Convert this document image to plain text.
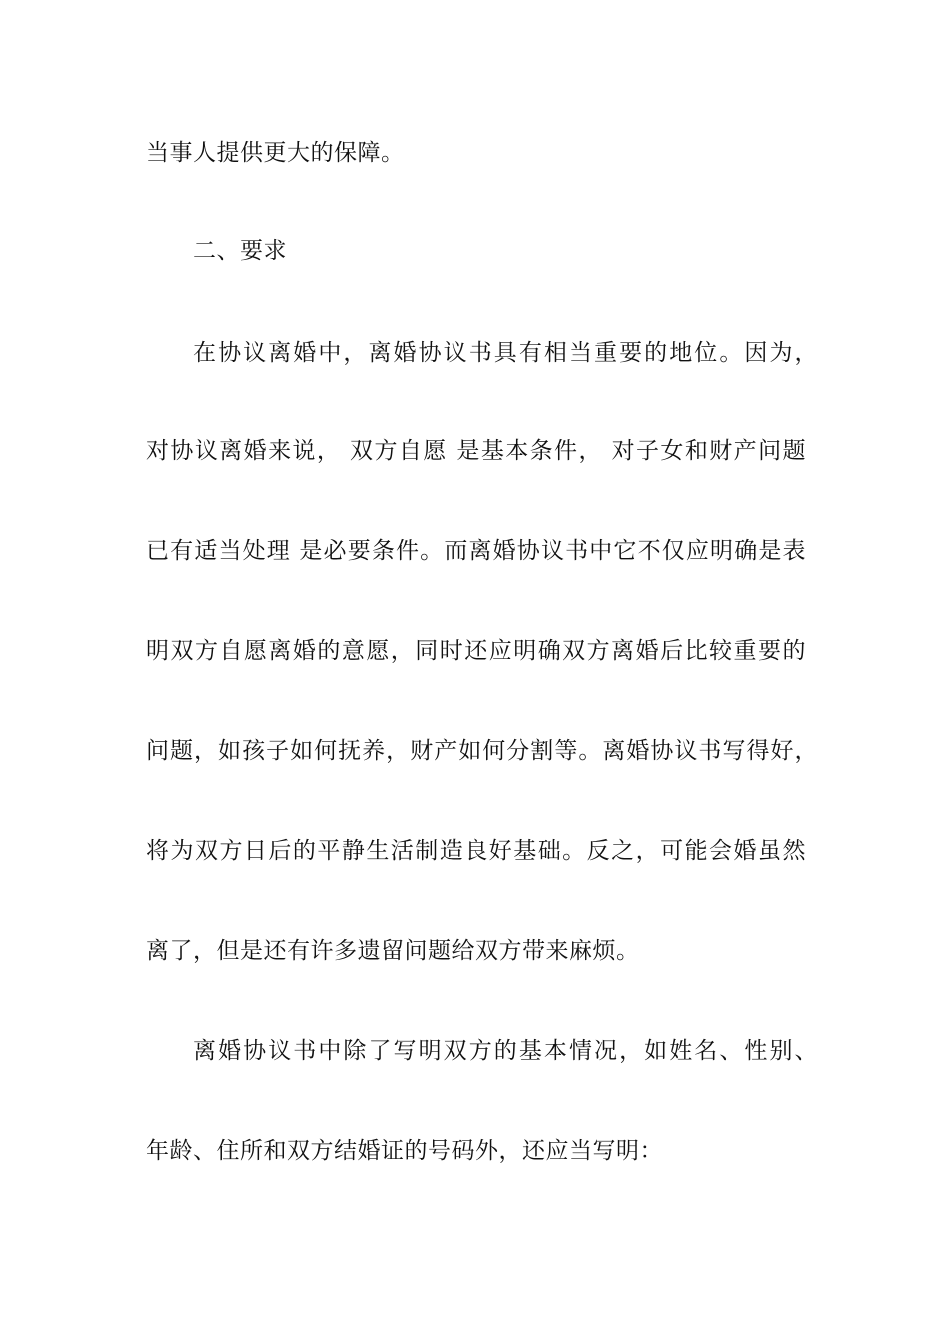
当事人提供更大的保障。
二、要求
在协议离婚中，离婚协议书具有相当重要的地位。因为，
对协议离婚来说， 双方自愿 是基本条件， 对子女和财产问题
已有适当处理 是必要条件。而离婚协议书中它不仅应明确是表
明双方自愿离婚的意愿，同时还应明确双方离婚后比较重要的
问题，如孩子如何抚养，财产如何分割等。离婚协议书写得好，
将为双方日后的平静生活制造良好基础。反之，可能会婚虽然
离了，但是还有许多遗留问题给双方带来麻烦。
离婚协议书中除了写明双方的基本情况，如姓名、性别、
年龄、住所和双方结婚证的号码外，还应当写明：
